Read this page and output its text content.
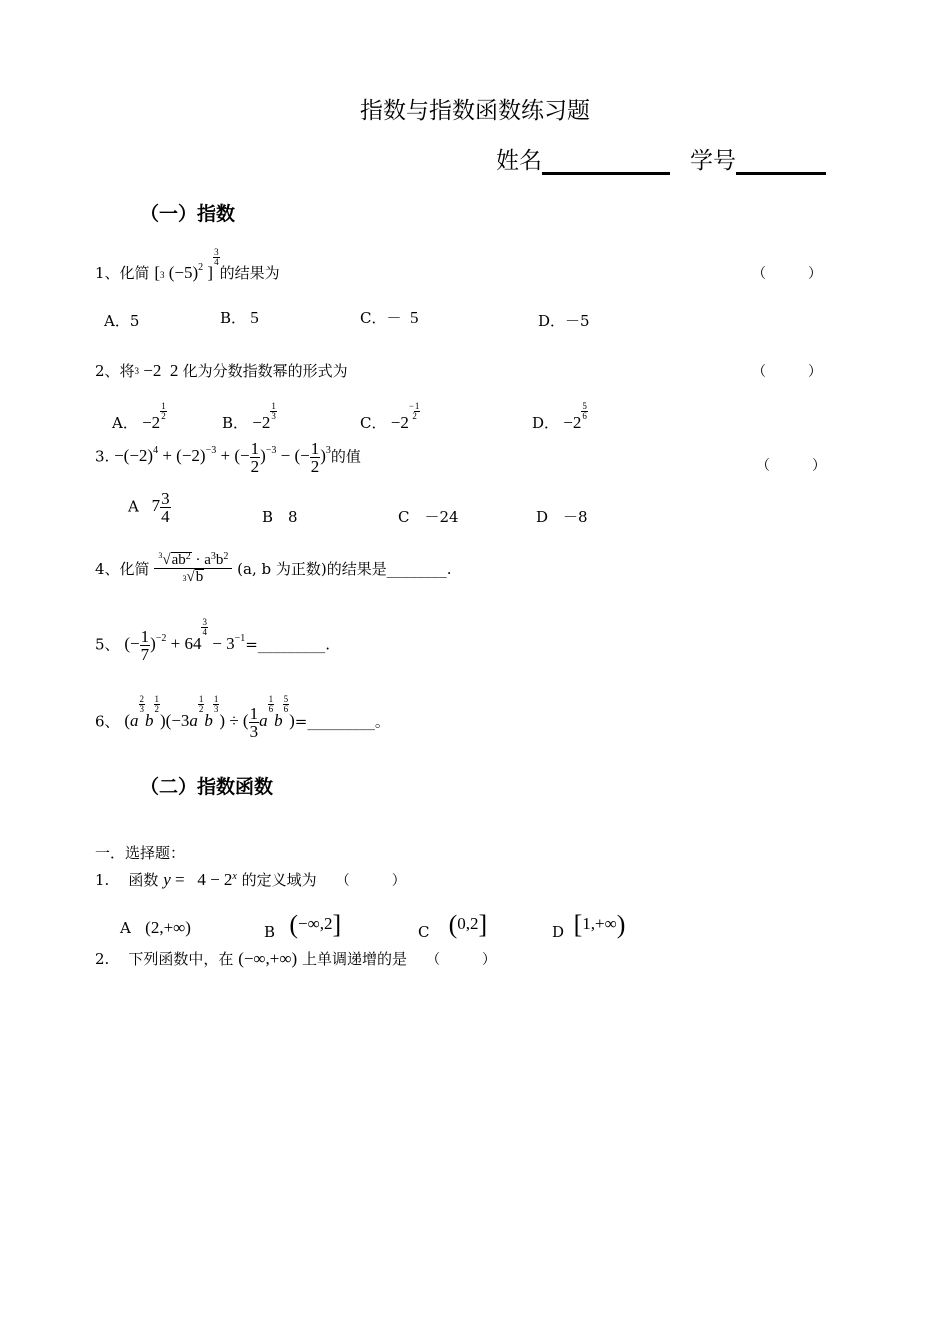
指数与指数函数练习题
姓名	学号
（一）指数
1、化简 [3 $(-5)^2$ ]
$\frac{3}{4}$
的结果为	（　　　）
A．5	B． 5	C．－  5	D．－5
2、将3 −2  2 化为分数指数幂的形式为	（　　　）
A． −2
$\frac{1}{2}$
B． −2
$\frac{1}{3}$
C． −2−1
2	D． −2
$\frac{5}{6}$
3. $-(-2)^4 + (-2)^{-3}$ + (− $\frac{1}{2} )^{-3}$ − (− $\frac{1}{2} )^3$的值
（　　　）
A   $7 \frac{3}{4}$	B　8	C　－24	D　－8
4、化简 $\frac{^3√ab^2 \cdot a^3b^2}{3√b} (a$, b 为正数)的结果是________.
5、 (− $\frac{1}{7} )^{-2} + 64$
$\frac{3}{4}$
− $3^{-1}=\_\_\_\_\_\_\_\_\_$.
6、 (a
$\frac{2}{3}$
b
$\frac{1}{2}$
)(−3a
$\frac{1}{2}$
b
$\frac{1}{3}$
) ÷ ( $\frac{1}{3}$ a
$\frac{1}{6}$
b
$\frac{5}{6}$
)=_________。
（二）指数函数
一．选择题：
1. 函数 $y = 4 - 2^x$ 的定义域为 （　　　）
A (2,+∞)	B (−∞,2]	C (0,2]	D [1,+∞)
2. 下列函数中，在 (−∞,+∞) 上单调递增的是 （　　　）
